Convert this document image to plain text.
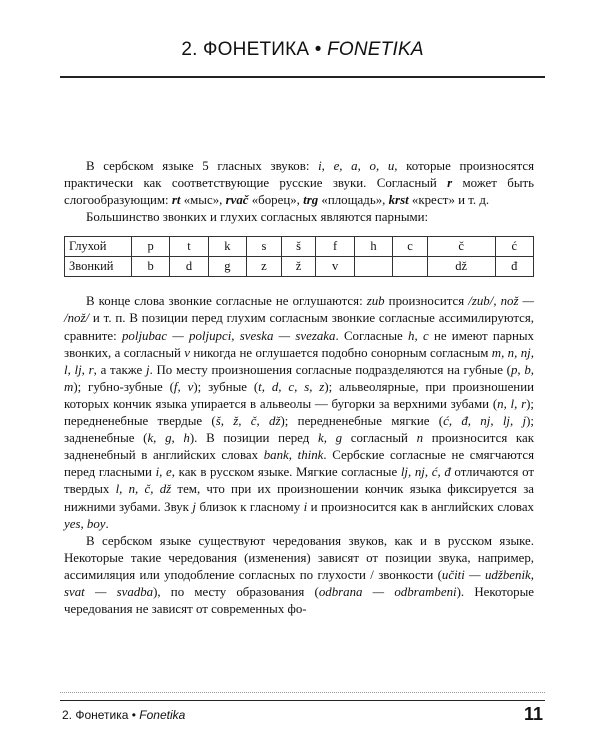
2. ФОНЕТИКА • FONETIKA

В сербском языке 5 гласных звуков: i, e, a, o, u, которые произносятся практически как соответствующие русские звуки. Согласный r может быть слогообразующим: rt «мыс», rvač «борец», trg «площадь», krst «крест» и т. д.

Большинство звонких и глухих согласных являются парными:

Глухой	p	t	k	s	š	f	h	c	č	ć
Звонкий	b	d	g	z	ž	v			dž	đ

В конце слова звонкие согласные не оглушаются: zub произносится /zub/, nož — /nož/ и т. п. В позиции перед глухим согласным звонкие согласные ассимилируются, сравните: poljubac — poljupci, sveska — svezaka. Согласные h, c не имеют парных звонких, а согласный v никогда не оглушается подобно сонорным согласным m, n, nj, l, lj, r, а также j. По месту произношения согласные подразделяются на губные (p, b, m); губно-зубные (f, v); зубные (t, d, c, s, z); альвеолярные, при произношении которых кончик языка упирается в альвеолы — бугорки за верхними зубами (n, l, r); передненебные твердые (š, ž, č, dž); передненебные мягкие (ć, đ, nj, lj, j); задненебные (k, g, h). В позиции перед k, g согласный n произносится как задненебный в английских словах bank, think. Сербские согласные не смягчаются перед гласными i, e, как в русском языке. Мягкие согласные lj, nj, ć, đ отличаются от твердых l, n, č, dž тем, что при их произношении кончик языка фиксируется за нижними зубами. Звук j близок к гласному i и произносится как в английских словах yes, boy.

В сербском языке существуют чередования звуков, как и в русском языке. Некоторые такие чередования (изменения) зависят от позиции звука, например, ассимиляция или уподобление согласных по глухости / звонкости (učiti — udžbenik, svat — svadba), по месту образования (odbrana — odbrambeni). Некоторые чередования не зависят от современных фо-

2. Фонетика • Fonetika	11
